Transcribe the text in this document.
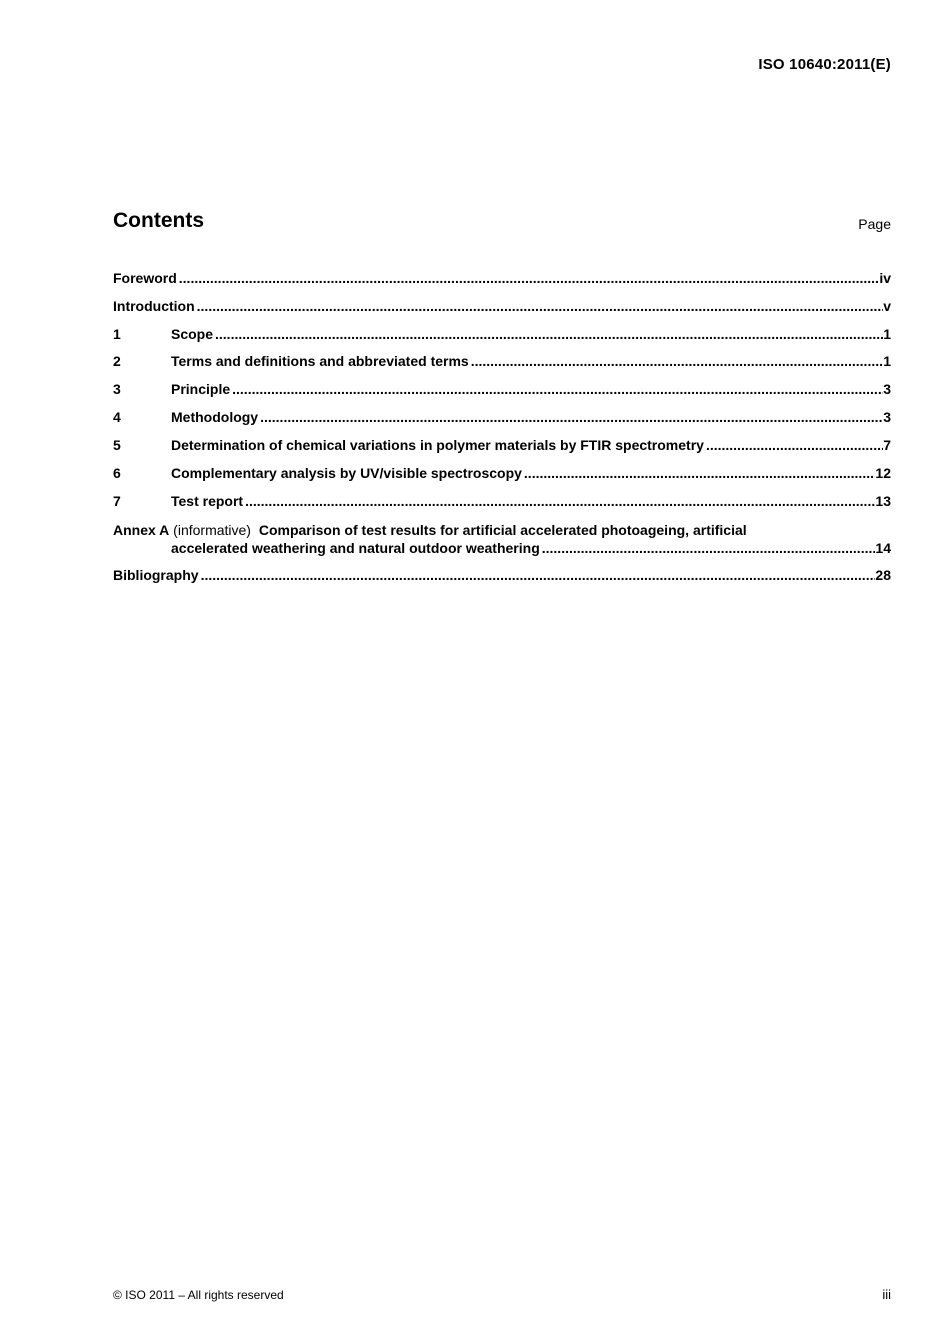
ISO 10640:2011(E)
Contents	Page
Foreword .....	iv
Introduction .....	v
1	Scope .....	1
2	Terms and definitions and abbreviated terms .....	1
3	Principle .....	3
4	Methodology .....	3
5	Determination of chemical variations in polymer materials by FTIR spectrometry .....	7
6	Complementary analysis by UV/visible spectroscopy .....	12
7	Test report .....	13
Annex A (informative) Comparison of test results for artificial accelerated photoageing, artificial
accelerated weathering and natural outdoor weathering .....	14
Bibliography .....	28
© ISO 2011 – All rights reserved	iii
